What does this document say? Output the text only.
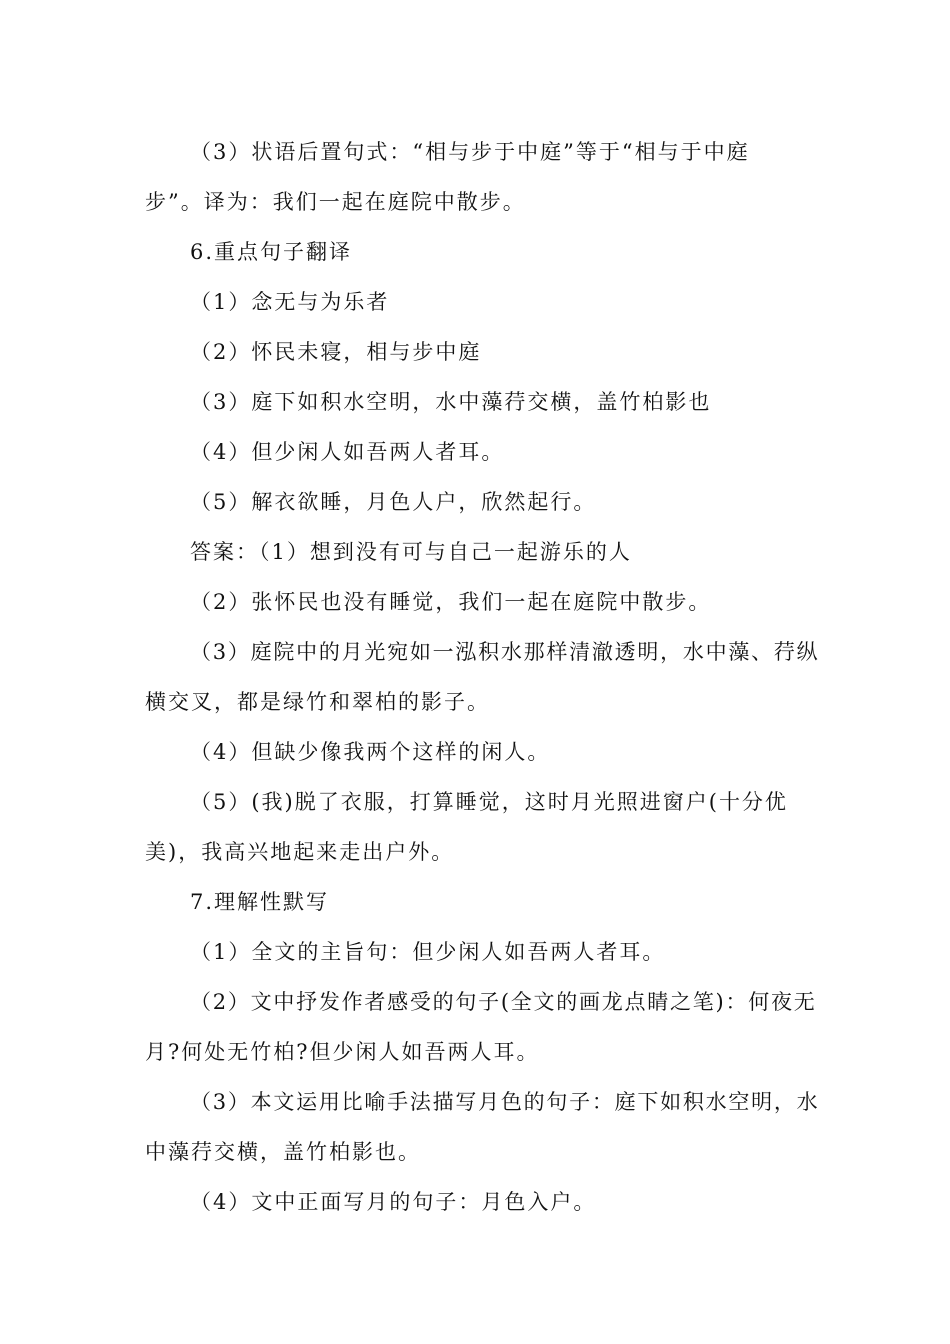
（3）状语后置句式：“相与步于中庭”等于“相与于中庭
步”。译为：我们一起在庭院中散步。
6.重点句子翻译
（1）念无与为乐者
（2）怀民未寝，相与步中庭
（3）庭下如积水空明，水中藻荇交横，盖竹柏影也
（4）但少闲人如吾两人者耳。
（5）解衣欲睡，月色人户，欣然起行。
答案：（1）想到没有可与自己一起游乐的人
（2）张怀民也没有睡觉，我们一起在庭院中散步。
（3）庭院中的月光宛如一泓积水那样清澈透明，水中藻、荇纵
横交叉，都是绿竹和翠柏的影子。
（4）但缺少像我两个这样的闲人。
（5）(我)脱了衣服，打算睡觉，这时月光照进窗户(十分优
美)，我高兴地起来走出户外。
7.理解性默写
（1）全文的主旨句：但少闲人如吾两人者耳。
（2）文中抒发作者感受的句子(全文的画龙点睛之笔)：何夜无
月?何处无竹柏?但少闲人如吾两人耳。
（3）本文运用比喻手法描写月色的句子：庭下如积水空明，水
中藻荇交横，盖竹柏影也。
（4）文中正面写月的句子：月色入户。
